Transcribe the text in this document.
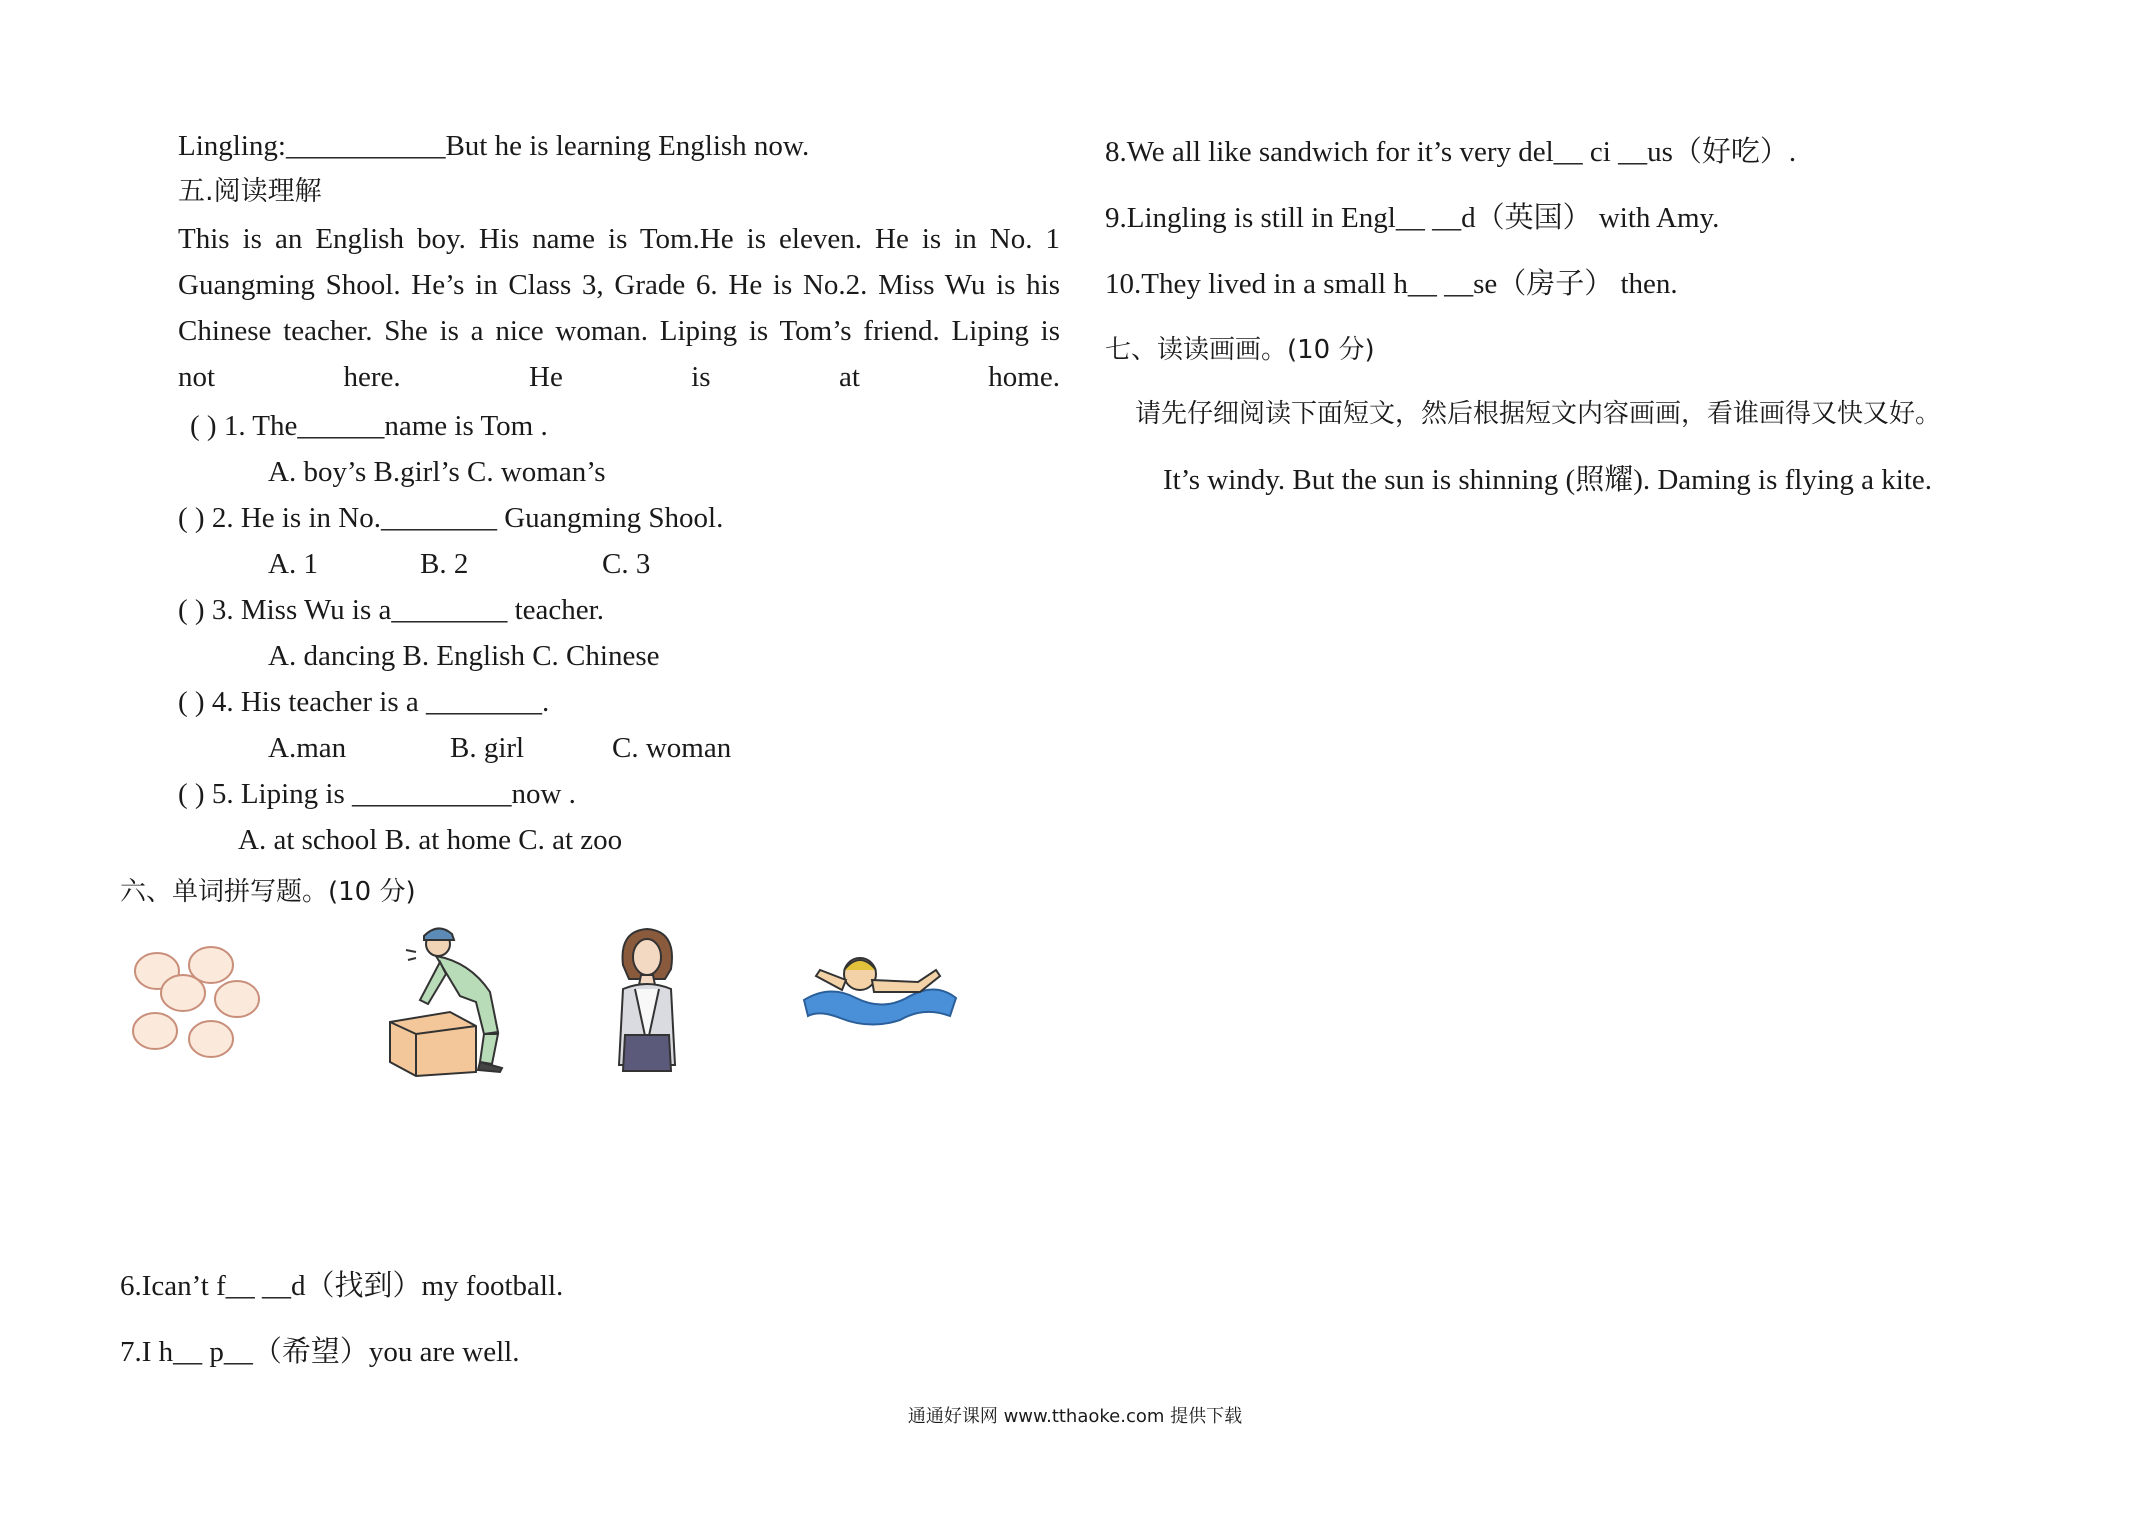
Lingling:___________But he is learning English now.
五.阅读理解
This is an English boy. His name is Tom.He is eleven. He is in No. 1
Guangming Shool. He’s in Class 3, Grade 6. He is No.2. Miss Wu is his
Chinese teacher. She is a nice woman. Liping is Tom’s friend. Liping is
not here. He is at home.
( ) 1. The______name is Tom .
A. boy’s B.girl’s C. woman’s
( ) 2. He is in No.________ Guangming Shool.
A. 1	B. 2	C. 3
( ) 3. Miss Wu is a________ teacher.
A. dancing B. English C. Chinese
( ) 4. His teacher is a ________.
A.man	B. girl	C. woman
( ) 5. Liping is ___________now .
A. at school B. at home C. at zoo
六、单词拼写题。(10 分)
6.Ican’t f__ __d（找到）my football.
7.I h__ p__（希望）you are well.
8.We all like sandwich for it’s very del__ ci __us（好吃）.
9.Lingling is still in Engl__ __d（英国） with Amy.
10.They lived in a small h__ __se（房子） then.
七、读读画画。(10 分)
请先仔细阅读下面短文，然后根据短文内容画画，看谁画得又快又好。
It’s windy. But the sun is shinning (照耀). Daming is flying a kite.
通通好课网 www.tthaoke.com 提供下载
